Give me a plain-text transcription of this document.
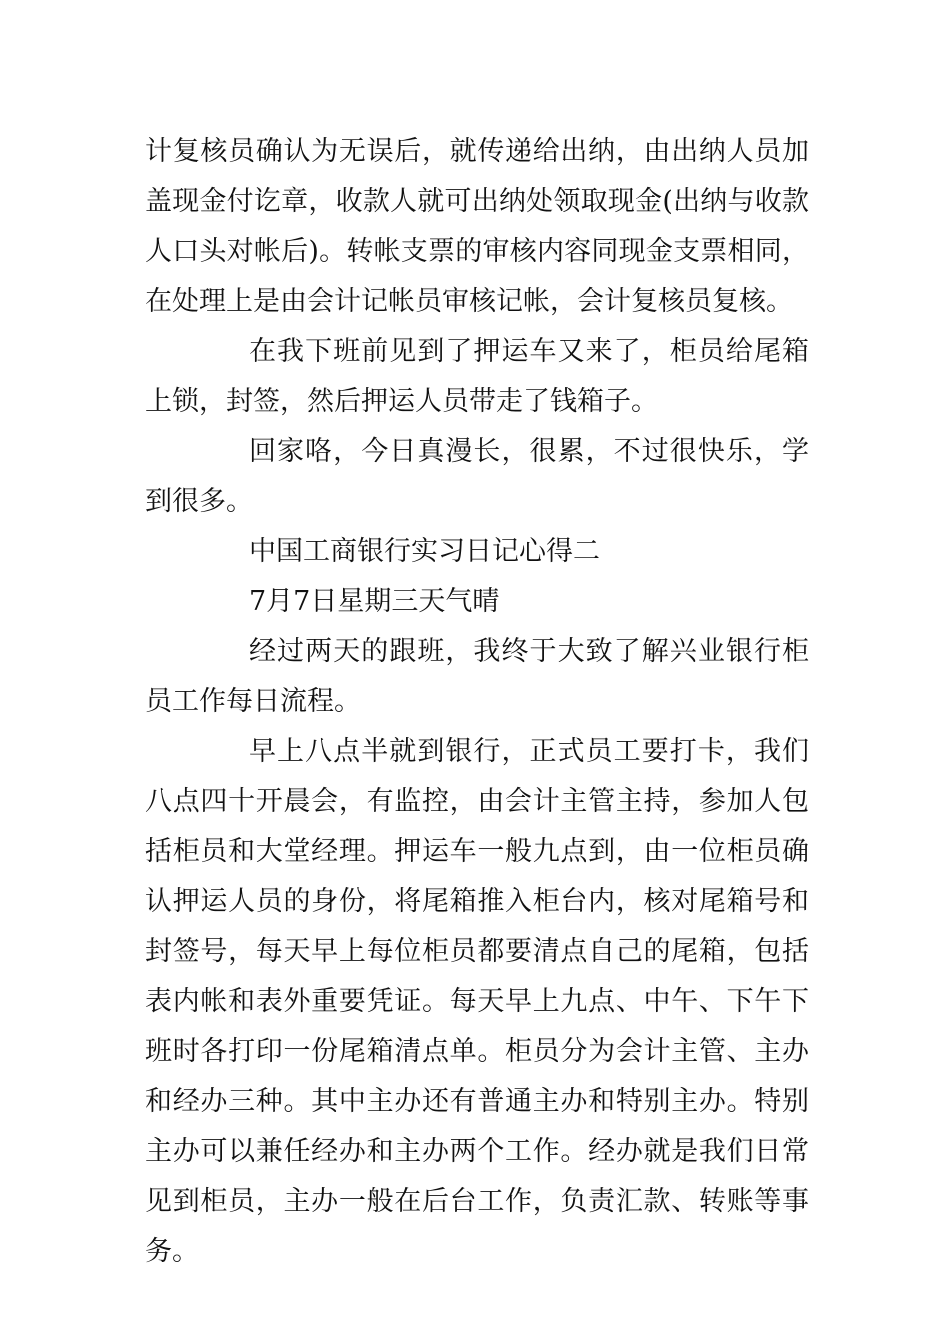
计复核员确认为无误后，就传递给出纳，由出纳人员加盖现金付讫章，收款人就可出纳处领取现金(出纳与收款人口头对帐后)。转帐支票的审核内容同现金支票相同，在处理上是由会计记帐员审核记帐，会计复核员复核。

在我下班前见到了押运车又来了，柜员给尾箱上锁，封签，然后押运人员带走了钱箱子。

回家咯，今日真漫长，很累，不过很快乐，学到很多。

中国工商银行实习日记心得二

7月7日星期三天气晴

经过两天的跟班，我终于大致了解兴业银行柜员工作每日流程。

早上八点半就到银行，正式员工要打卡，我们八点四十开晨会，有监控，由会计主管主持，参加人包括柜员和大堂经理。押运车一般九点到，由一位柜员确认押运人员的身份，将尾箱推入柜台内，核对尾箱号和封签号，每天早上每位柜员都要清点自己的尾箱，包括表内帐和表外重要凭证。每天早上九点、中午、下午下班时各打印一份尾箱清点单。柜员分为会计主管、主办和经办三种。其中主办还有普通主办和特别主办。特别主办可以兼任经办和主办两个工作。经办就是我们日常见到柜员，主办一般在后台工作，负责汇款、转账等事务。
